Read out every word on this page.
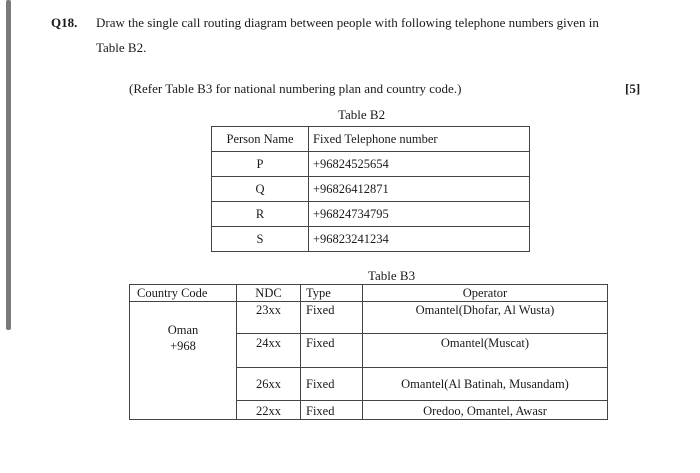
Q18. Draw the single call routing diagram between people with following telephone numbers given in
Table B2.
(Refer Table B3 for national numbering plan and country code.)	[5]
Table B2
Person Name	Fixed Telephone number
P	+96824525654
Q	+96826412871
R	+96824734795
S	+96823241234
Table B3
Country Code	NDC	Type	Operator

Oman
+968	23xx	Fixed	Omantel(Dhofar, Al Wusta)
	24xx	Fixed	Omantel(Muscat)
	26xx	Fixed	Omantel(Al Batinah, Musandam)
	22xx	Fixed	Oredoo, Omantel, Awasr
